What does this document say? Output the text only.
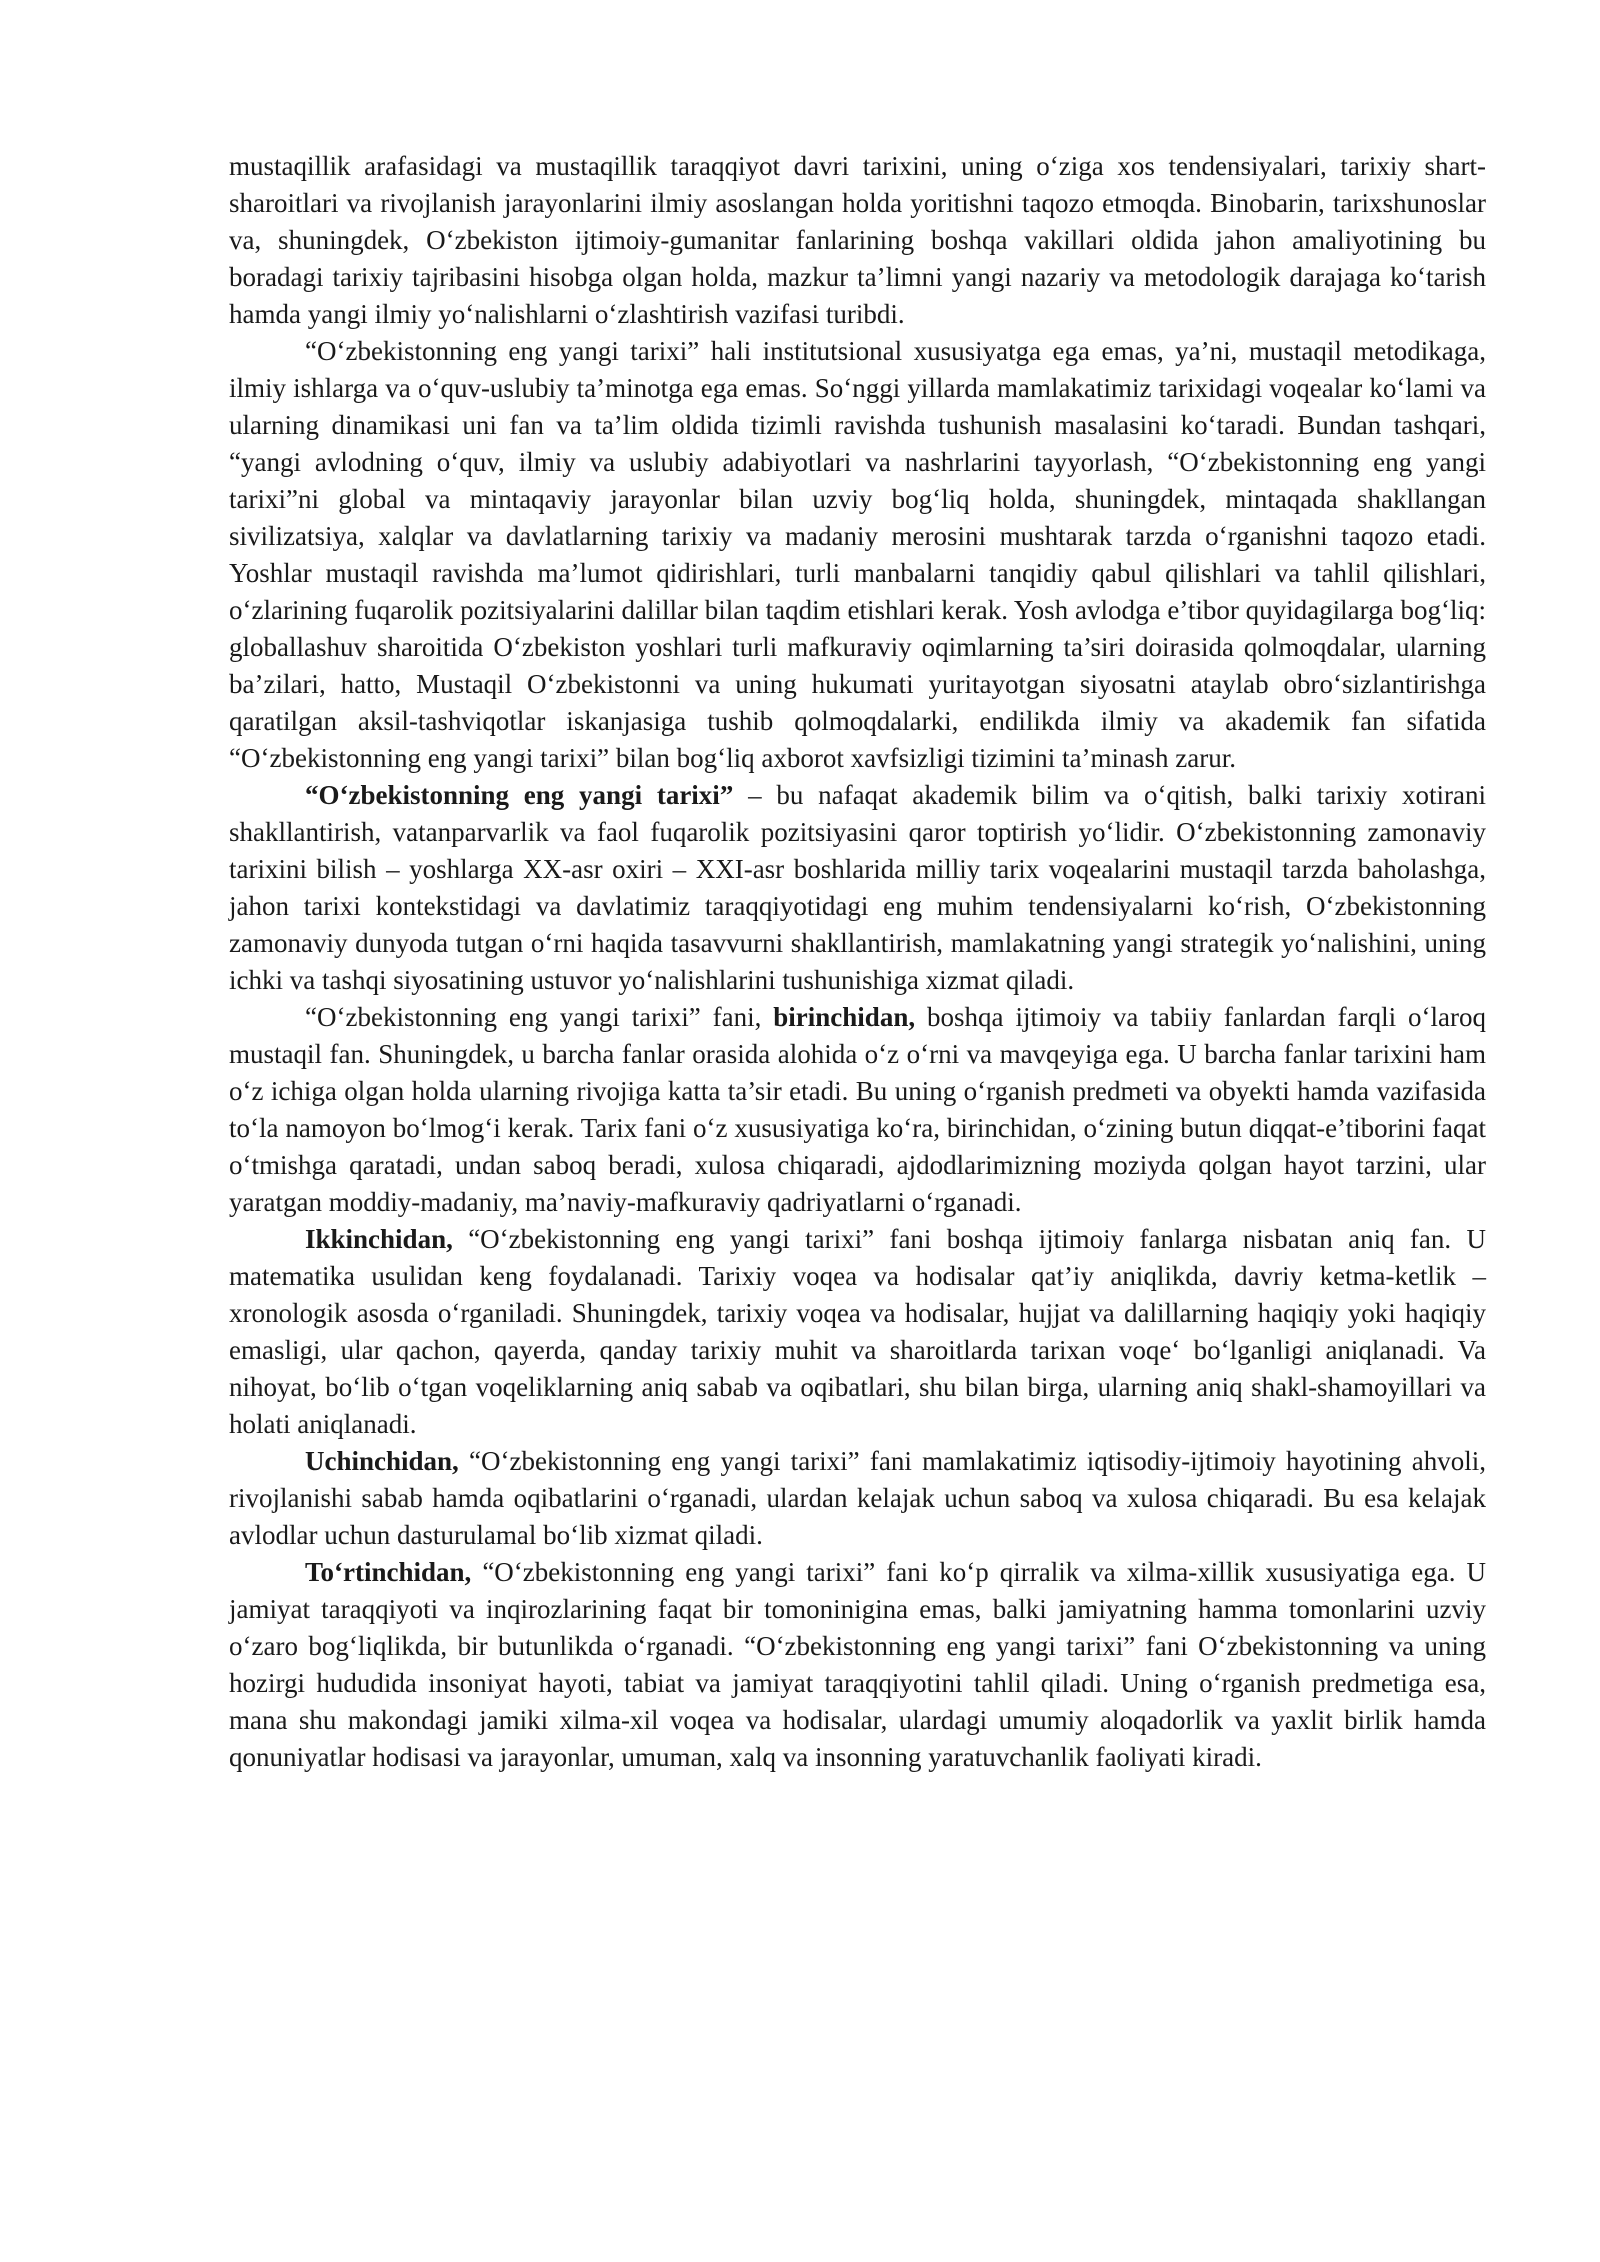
mustaqillik arafasidagi va mustaqillik taraqqiyot davri tarixini, uning o‘ziga xos tendensiyalari, tarixiy shart-sharoitlari va rivojlanish jarayonlarini ilmiy asoslangan holda yoritishni taqozo etmoqda. Binobarin, tarixshunoslar va, shuningdek, O‘zbekiston ijtimoiy-gumanitar fanlarining boshqa vakillari oldida jahon amaliyotining bu boradagi tarixiy tajribasini hisobga olgan holda, mazkur ta’limni yangi nazariy va metodologik darajaga ko‘tarish hamda yangi ilmiy yo‘nalishlarni o‘zlashtirish vazifasi turibdi.

“O‘zbekistonning eng yangi tarixi” hali institutsional xususiyatga ega emas, ya’ni, mustaqil metodikaga, ilmiy ishlarga va o‘quv-uslubiy ta’minotga ega emas. So‘nggi yillarda mamlakatimiz tarixidagi voqealar ko‘lami va ularning dinamikasi uni fan va ta’lim oldida tizimli ravishda tushunish masalasini ko‘taradi. Bundan tashqari, “yangi avlodning o‘quv, ilmiy va uslubiy adabiyotlari va nashrlarini tayyorlash, “O‘zbekistonning eng yangi tarixi”ni global va mintaqaviy jarayonlar bilan uzviy bog‘liq holda, shuningdek, mintaqada shakllangan sivilizatsiya, xalqlar va davlatlarning tarixiy va madaniy merosini mushtarak tarzda o‘rganishni taqozo etadi. Yoshlar mustaqil ravishda ma’lumot qidirishlari, turli manbalarni tanqidiy qabul qilishlari va tahlil qilishlari, o‘zlarining fuqarolik pozitsiyalarini dalillar bilan taqdim etishlari kerak. Yosh avlodga e’tibor quyidagilarga bog‘liq: globallashuv sharoitida O‘zbekiston yoshlari turli mafkuraviy oqimlarning ta’siri doirasida qolmoqdalar, ularning ba’zilari, hatto, Mustaqil O‘zbekistonni va uning hukumati yuritayotgan siyosatni ataylab obro‘sizlantirishga qaratilgan aksil-tashviqotlar iskanjasiga tushib qolmoqdalarki, endilikda ilmiy va akademik fan sifatida “O‘zbekistonning eng yangi tarixi” bilan bog‘liq axborot xavfsizligi tizimini ta’minash zarur.

“O‘zbekistonning eng yangi tarixi” – bu nafaqat akademik bilim va o‘qitish, balki tarixiy xotirani shakllantirish, vatanparvarlik va faol fuqarolik pozitsiyasini qaror toptirish yo‘lidir. O‘zbekistonning zamonaviy tarixini bilish – yoshlarga XX-asr oxiri – XXI-asr boshlarida milliy tarix voqealarini mustaqil tarzda baholashga, jahon tarixi kontekstidagi va davlatimiz taraqqiyotidagi eng muhim tendensiyalarni ko‘rish, O‘zbekistonning zamonaviy dunyoda tutgan o‘rni haqida tasavvurni shakllantirish, mamlakatning yangi strategik yo‘nalishini, uning ichki va tashqi siyosatining ustuvor yo‘nalishlarini tushunishiga xizmat qiladi.

“O‘zbekistonning eng yangi tarixi” fani, birinchidan, boshqa ijtimoiy va tabiiy fanlardan farqli o‘laroq mustaqil fan. Shuningdek, u barcha fanlar orasida alohida o‘z o‘rni va mavqeyiga ega. U barcha fanlar tarixini ham o‘z ichiga olgan holda ularning rivojiga katta ta’sir etadi. Bu uning o‘rganish predmeti va obyekti hamda vazifasida to‘la namoyon bo‘lmog‘i kerak. Tarix fani o‘z xususiyatiga ko‘ra, birinchidan, o‘zining butun diqqat-e’tiborini faqat o‘tmishga qaratadi, undan saboq beradi, xulosa chiqaradi, ajdodlarimizning moziyda qolgan hayot tarzini, ular yaratgan moddiy-madaniy, ma’naviy-mafkuraviy qadriyatlarni o‘rganadi.

Ikkinchidan, “O‘zbekistonning eng yangi tarixi” fani boshqa ijtimoiy fanlarga nisbatan aniq fan. U matematika usulidan keng foydalanadi. Tarixiy voqea va hodisalar qat’iy aniqlikda, davriy ketma-ketlik – xronologik asosda o‘rganiladi. Shuningdek, tarixiy voqea va hodisalar, hujjat va dalillarning haqiqiy yoki haqiqiy emasligi, ular qachon, qayerda, qanday tarixiy muhit va sharoitlarda tarixan voqe‘ bo‘lganligi aniqlanadi. Va nihoyat, bo‘lib o‘tgan voqeliklarning aniq sabab va oqibatlari, shu bilan birga, ularning aniq shakl-shamoyillari va holati aniqlanadi.

Uchinchidan, “O‘zbekistonning eng yangi tarixi” fani mamlakatimiz iqtisodiy-ijtimoiy hayotining ahvoli, rivojlanishi sabab hamda oqibatlarini o‘rganadi, ulardan kelajak uchun saboq va xulosa chiqaradi. Bu esa kelajak avlodlar uchun dasturulamal bo‘lib xizmat qiladi.

To‘rtinchidan, “O‘zbekistonning eng yangi tarixi” fani ko‘p qirralik va xilma-xillik xususiyatiga ega. U jamiyat taraqqiyoti va inqirozlarining faqat bir tomoninigina emas, balki jamiyatning hamma tomonlarini uzviy o‘zaro bog‘liqlikda, bir butunlikda o‘rganadi. “O‘zbekistonning eng yangi tarixi” fani O‘zbekistonning va uning hozirgi hududida insoniyat hayoti, tabiat va jamiyat taraqqiyotini tahlil qiladi. Uning o‘rganish predmetiga esa, mana shu makondagi jamiki xilma-xil voqea va hodisalar, ulardagi umumiy aloqadorlik va yaxlit birlik hamda qonuniyatlar hodisasi va jarayonlar, umuman, xalq va insonning yaratuvchanlik faoliyati kiradi.
